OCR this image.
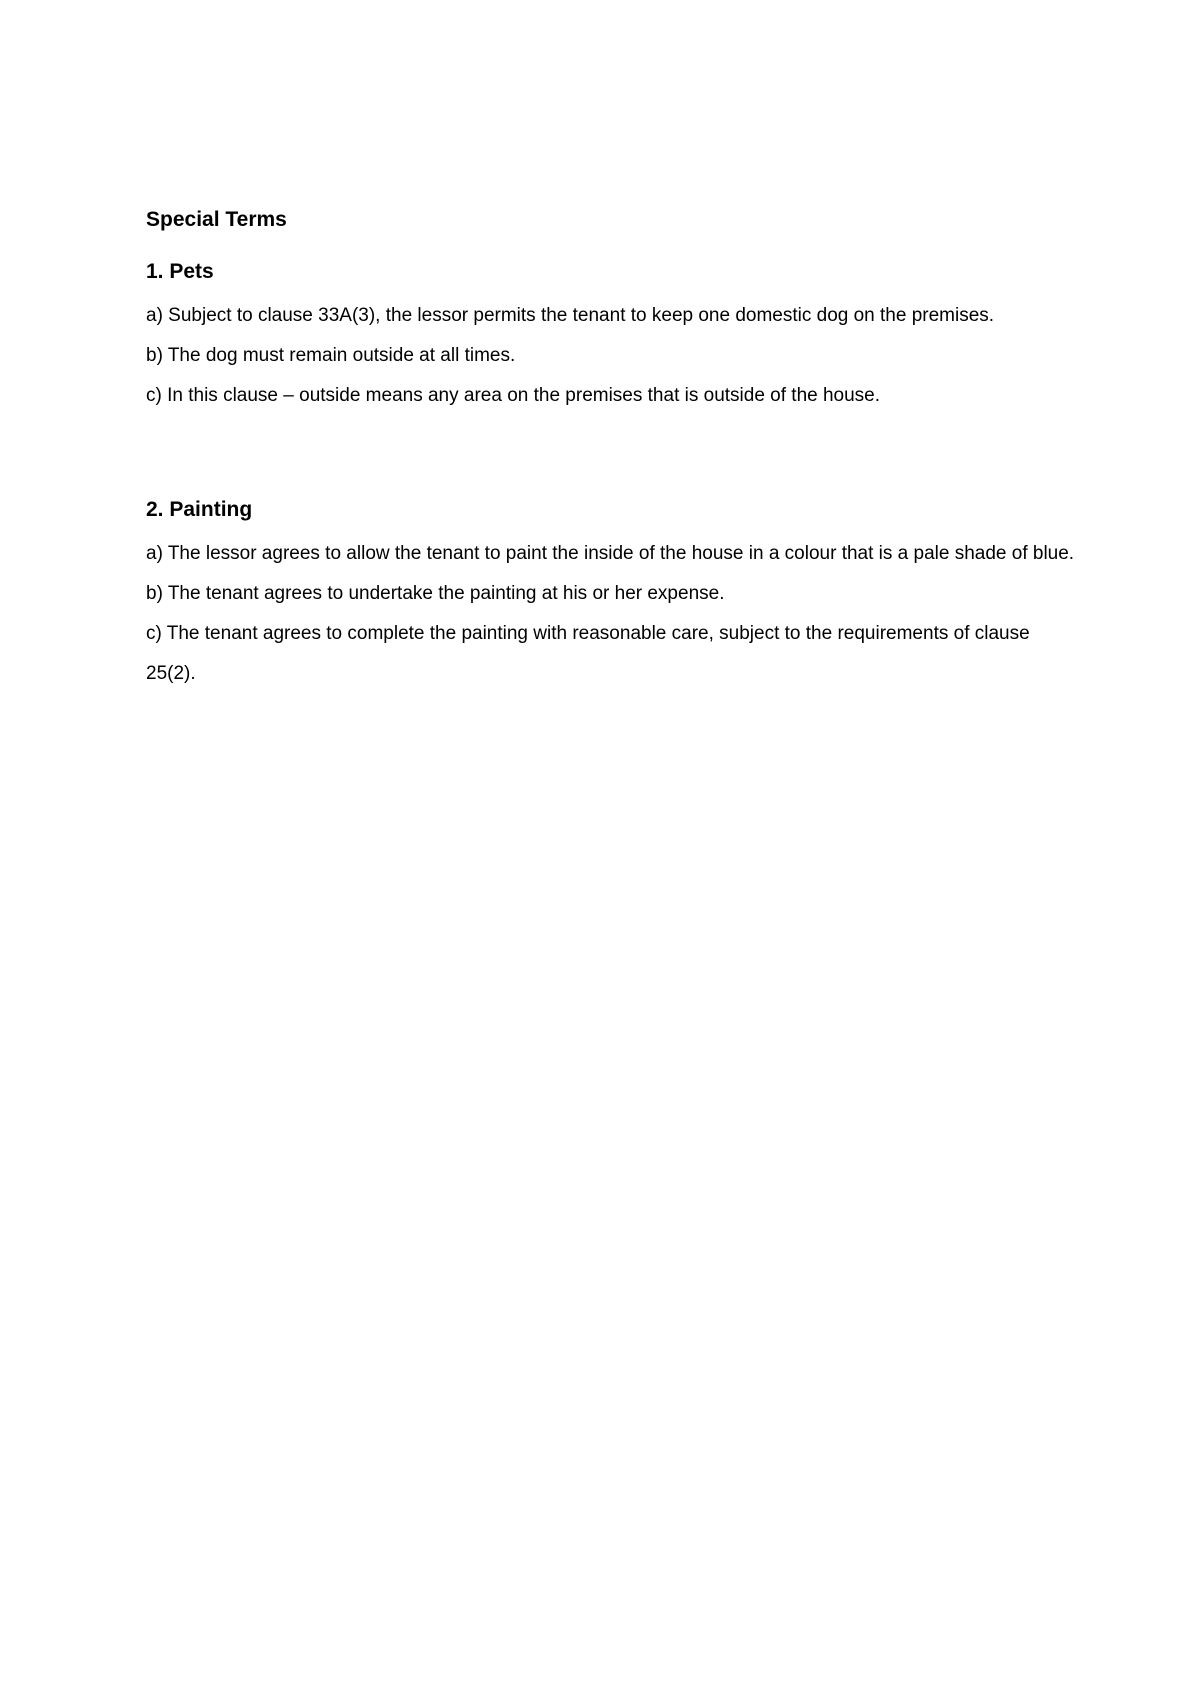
Special Terms
1. Pets

a) Subject to clause 33A(3), the lessor permits the tenant to keep one domestic dog on the premises.

b) The dog must remain outside at all times.

c) In this clause – outside means any area on the premises that is outside of the house.

2. Painting

a) The lessor agrees to allow the tenant to paint the inside of the house in a colour that is a pale shade of blue.

b) The tenant agrees to undertake the painting at his or her expense.

c) The tenant agrees to complete the painting with reasonable care, subject to the requirements of clause 25(2).
